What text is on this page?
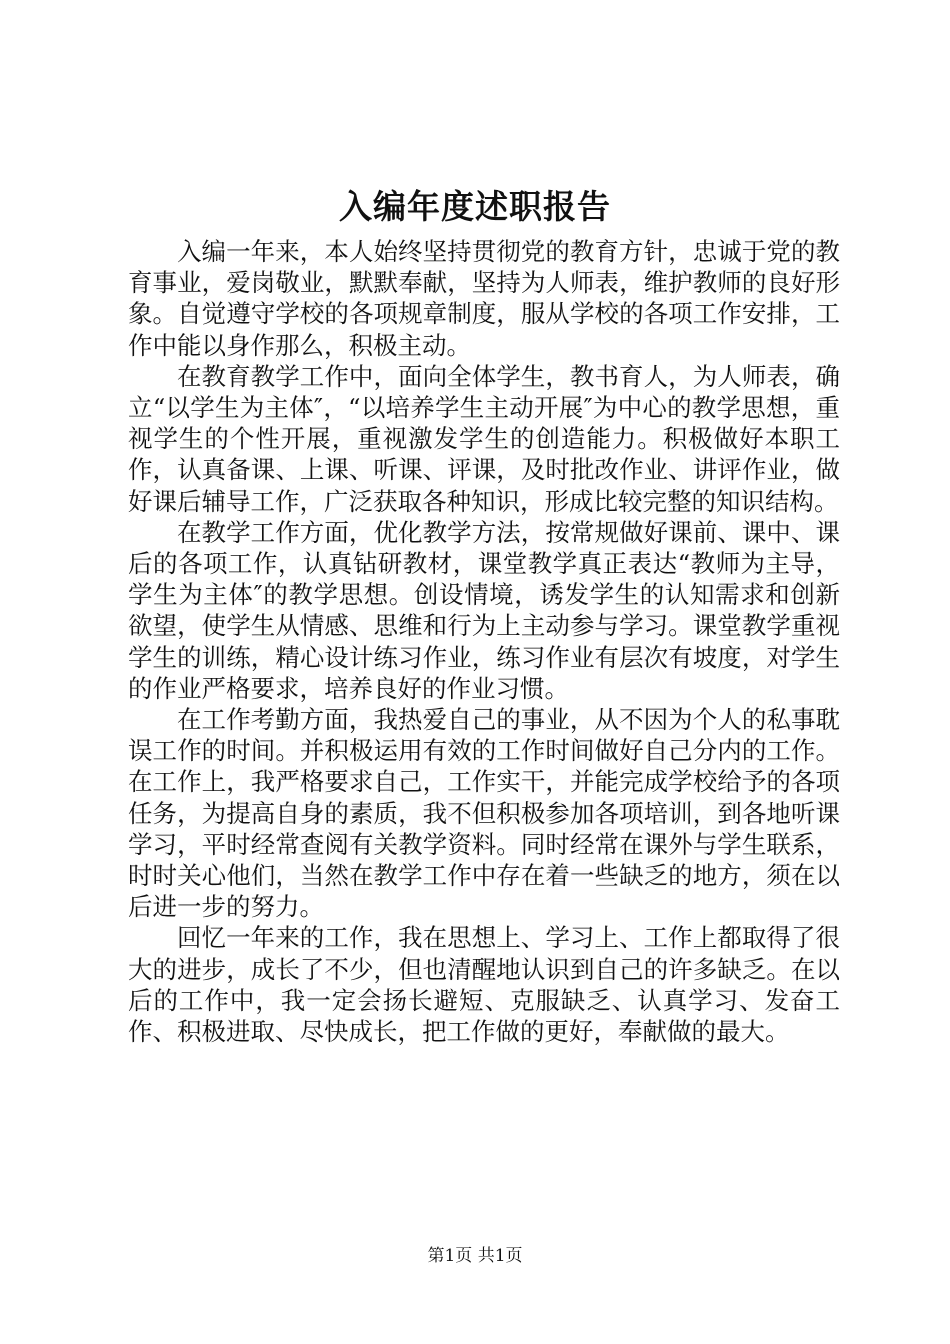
入编年度述职报告

入编一年来，本人始终坚持贯彻党的教育方针，忠诚于党的教育事业，爱岗敬业，默默奉献，坚持为人师表，维护教师的良好形象。自觉遵守学校的各项规章制度，服从学校的各项工作安排，工作中能以身作那么，积极主动。

在教育教学工作中，面向全体学生，教书育人，为人师表，确立“以学生为主体″，“以培养学生主动开展″为中心的教学思想，重视学生的个性开展，重视激发学生的创造能力。积极做好本职工作，认真备课、上课、听课、评课，及时批改作业、讲评作业，做好课后辅导工作，广泛获取各种知识，形成比较完整的知识结构。

在教学工作方面，优化教学方法，按常规做好课前、课中、课后的各项工作，认真钻研教材，课堂教学真正表达“教师为主导，学生为主体″的教学思想。创设情境，诱发学生的认知需求和创新欲望，使学生从情感、思维和行为上主动参与学习。课堂教学重视学生的训练，精心设计练习作业，练习作业有层次有坡度，对学生的作业严格要求，培养良好的作业习惯。

在工作考勤方面，我热爱自己的事业，从不因为个人的私事耽误工作的时间。并积极运用有效的工作时间做好自己分内的工作。在工作上，我严格要求自己，工作实干，并能完成学校给予的各项任务，为提高自身的素质，我不但积极参加各项培训，到各地听课学习，平时经常查阅有关教学资料。同时经常在课外与学生联系，时时关心他们，当然在教学工作中存在着一些缺乏的地方，须在以后进一步的努力。

回忆一年来的工作，我在思想上、学习上、工作上都取得了很大的进步，成长了不少，但也清醒地认识到自己的许多缺乏。在以后的工作中，我一定会扬长避短、克服缺乏、认真学习、发奋工作、积极进取、尽快成长，把工作做的更好，奉献做的最大。

第1页 共1页
